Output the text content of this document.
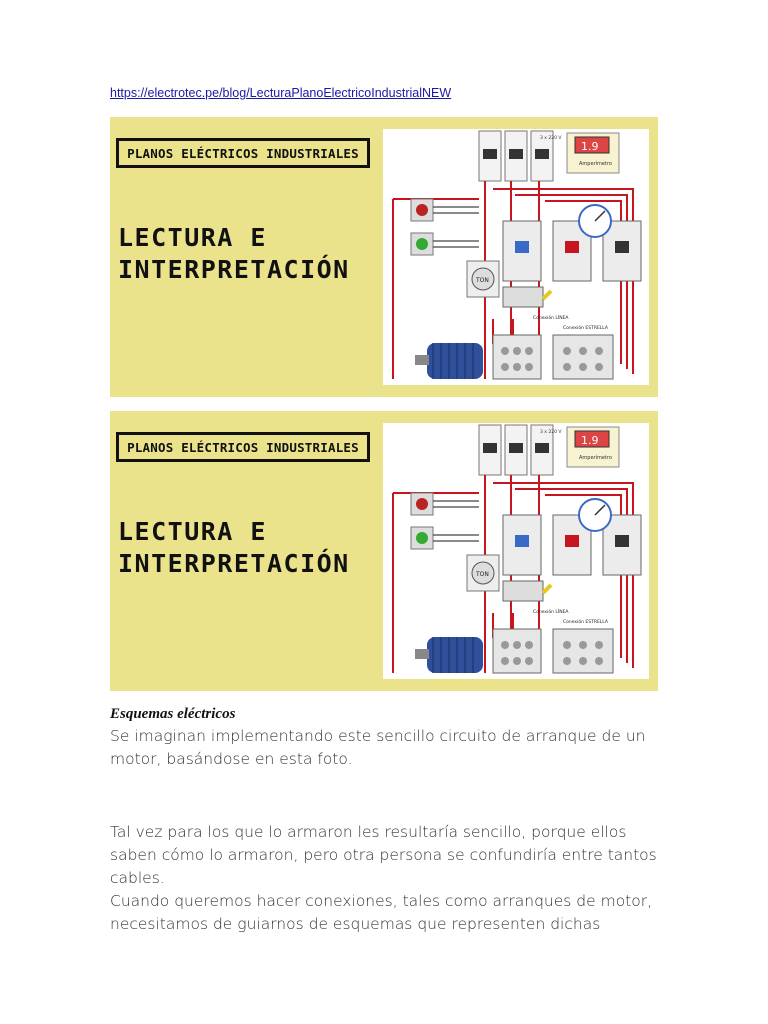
https://electrotec.pe/blog/LecturaPlanoElectricoIndustrialNEW
PLANOS ELÉCTRICOS INDUSTRIALES
LECTURA E
INTERPRETACIÓN
3 x 220 V
1.9
Amperímetro
TON
Conexión LÍNEA
Conexión ESTRELLA
PLANOS ELÉCTRICOS INDUSTRIALES
LECTURA E
INTERPRETACIÓN
3 x 220 V
1.9
Amperímetro
TON
Conexión LÍNEA
Conexión ESTRELLA
Esquemas eléctricos
Se imaginan implementando este sencillo circuito de arranque de un motor, basándose en esta foto.
Tal vez para los que lo armaron les resultaría sencillo, porque ellos saben cómo lo armaron, pero otra persona se confundiría entre tantos cables.
Cuando queremos hacer conexiones, tales como arranques de motor, necesitamos de guiarnos de esquemas que representen dichas
